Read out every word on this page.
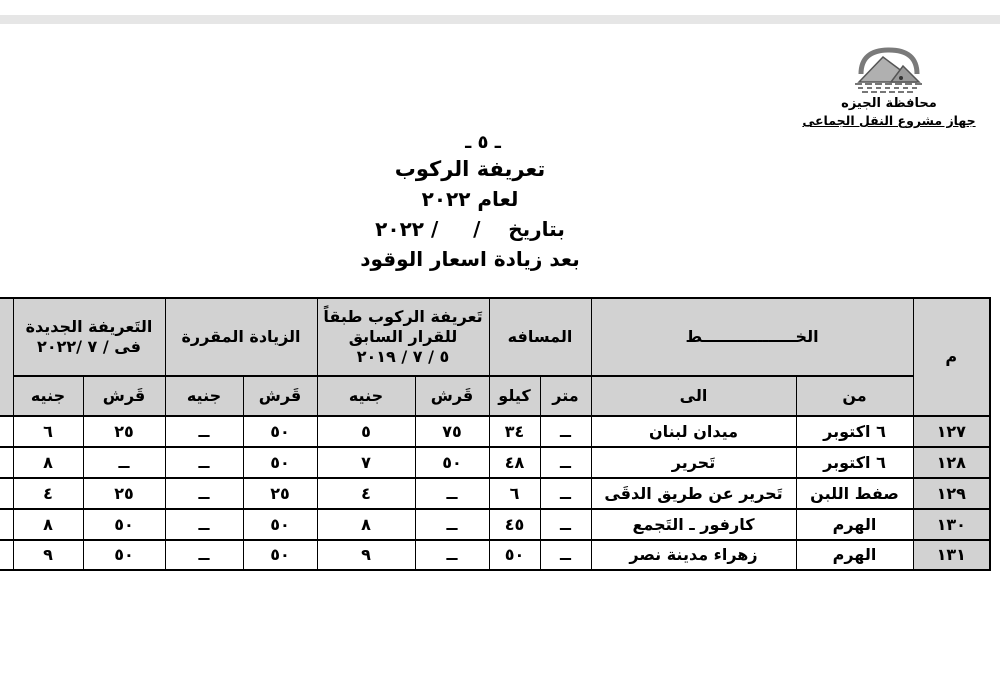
محافظة الجيزه
جهاز مشروع النقل الجماعى
ـ ٥ ـ
تعريفة الركوب
لعام ٢٠٢٢
بتاريخ    /     / ٢٠٢٢
بعد زيادة اسعار الوقود
م	الخـــــــــــــــــط	المسافه	
تَعريفة الركوب طبقاً
للقرار السابق
٥ / ٧ / ٢٠١٩
	الزيادة المقررة	
التَعريفة الجديدة
فى / ٧ /٢٠٢٢

	من	الى	متر	كيلو	قَرش	جنيه	قَرش	جنيه	قَرش	جنيه	
١٢٧	٦ اكتوبر	ميدان لبنان	ــ	٣٤	٧٥	٥	٥٠	ــ	٢٥	٦	
١٢٨	٦ اكتوبر	تَحرير	ــ	٤٨	٥٠	٧	٥٠	ــ	ــ	٨	
١٢٩	صفط اللبن	تَحرير عن طريق الدقَى	ــ	٦	ــ	٤	٢٥	ــ	٢٥	٤	
١٣٠	الهرم	كارفور ـ التَجمع	ــ	٤٥	ــ	٨	٥٠	ــ	٥٠	٨	
١٣١	الهرم	زهراء مدينة نصر	ــ	٥٠	ــ	٩	٥٠	ــ	٥٠	٩	
